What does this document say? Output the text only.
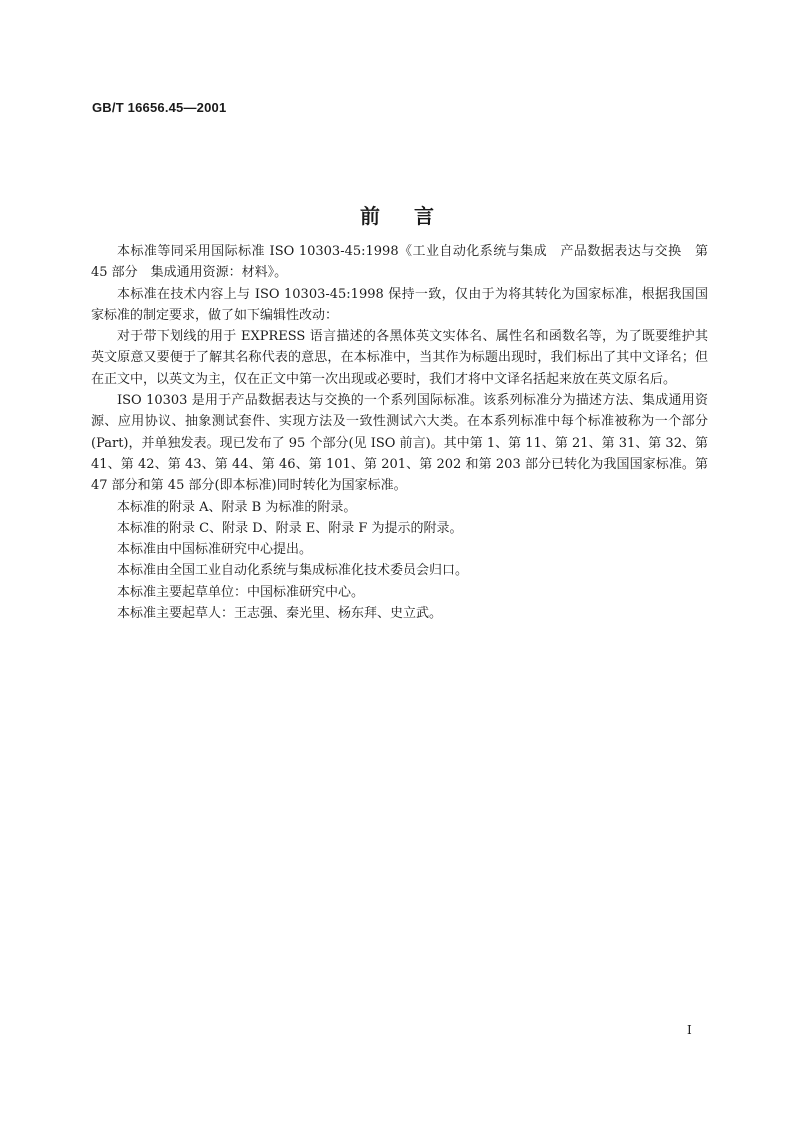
GB/T 16656.45—2001
前言

本标准等同采用国际标准 ISO 10303-45:1998《工业自动化系统与集成　产品数据表达与交换　第 45 部分　集成通用资源：材料》。

本标准在技术内容上与 ISO 10303-45:1998 保持一致，仅由于为将其转化为国家标准，根据我国国家标准的制定要求，做了如下编辑性改动：

对于带下划线的用于 EXPRESS 语言描述的各黑体英文实体名、属性名和函数名等，为了既要维护其英文原意又要便于了解其名称代表的意思，在本标准中，当其作为标题出现时，我们标出了其中文译名；但在正文中，以英文为主，仅在正文中第一次出现或必要时，我们才将中文译名括起来放在英文原名后。

ISO 10303 是用于产品数据表达与交换的一个系列国际标准。该系列标准分为描述方法、集成通用资源、应用协议、抽象测试套件、实现方法及一致性测试六大类。在本系列标准中每个标准被称为一个部分(Part)，并单独发表。现已发布了 95 个部分(见 ISO 前言)。其中第 1、第 11、第 21、第 31、第 32、第 41、第 42、第 43、第 44、第 46、第 101、第 201、第 202 和第 203 部分已转化为我国国家标准。第 47 部分和第 45 部分(即本标准)同时转化为国家标准。

本标准的附录 A、附录 B 为标准的附录。

本标准的附录 C、附录 D、附录 E、附录 F 为提示的附录。

本标准由中国标准研究中心提出。

本标准由全国工业自动化系统与集成标准化技术委员会归口。

本标准主要起草单位：中国标准研究中心。

本标准主要起草人：王志强、秦光里、杨东拜、史立武。

I
